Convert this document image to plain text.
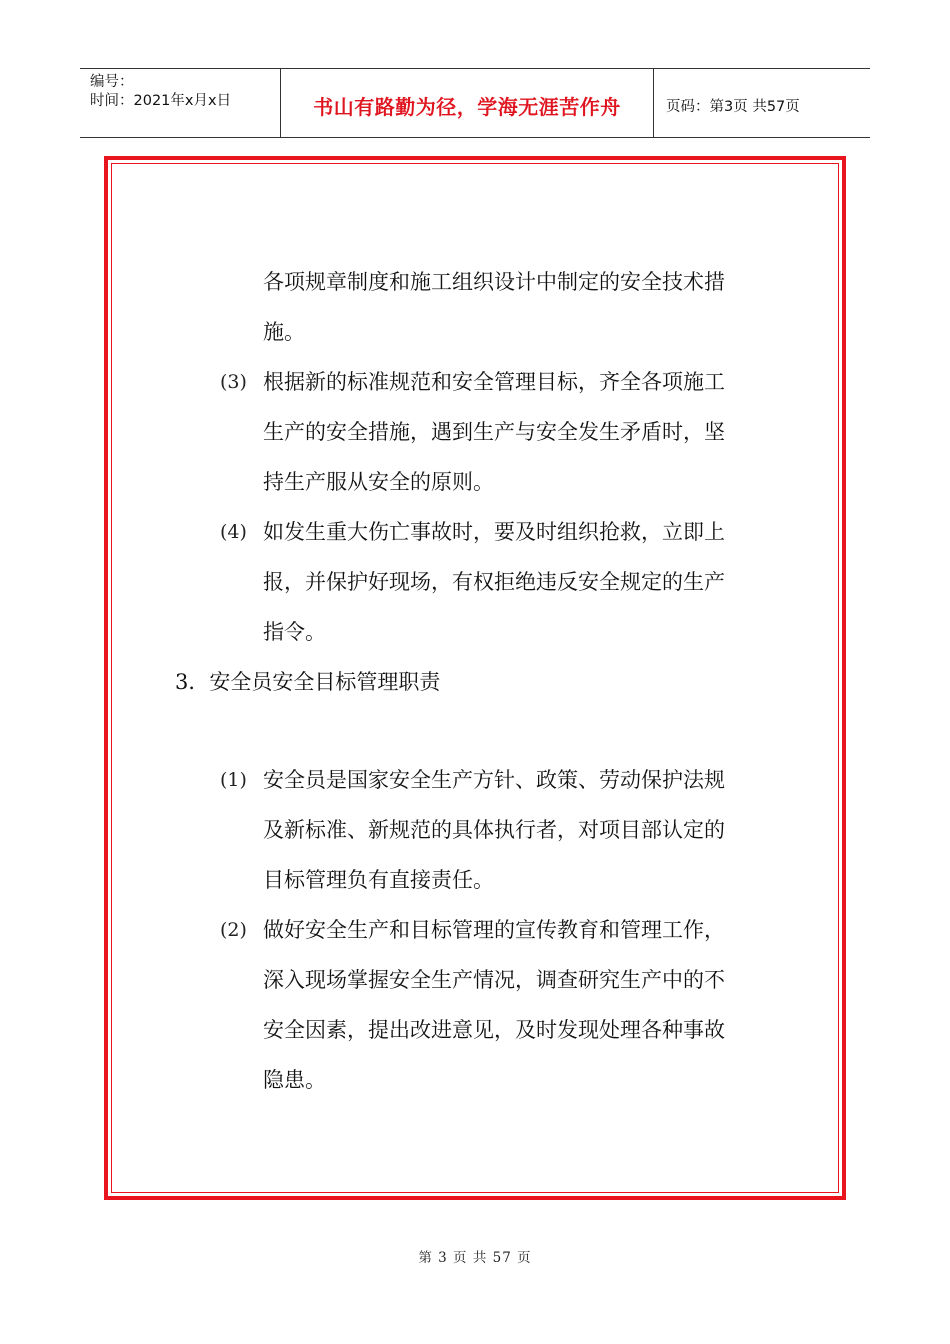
编号：
时间：2021年x月x日	书山有路勤为径，学海无涯苦作舟	页码：第3页 共57页
各项规章制度和施工组织设计中制定的安全技术措
施。
(3) 根据新的标准规范和安全管理目标，齐全各项施工
生产的安全措施，遇到生产与安全发生矛盾时，坚
持生产服从安全的原则。
(4) 如发生重大伤亡事故时，要及时组织抢救，立即上
报，并保护好现场，有权拒绝违反安全规定的生产
指令。
3．安全员安全目标管理职责
(1) 安全员是国家安全生产方针、政策、劳动保护法规
及新标准、新规范的具体执行者，对项目部认定的
目标管理负有直接责任。
(2) 做好安全生产和目标管理的宣传教育和管理工作，
深入现场掌握安全生产情况，调查研究生产中的不
安全因素，提出改进意见，及时发现处理各种事故
隐患。
第 3 页 共 57 页
